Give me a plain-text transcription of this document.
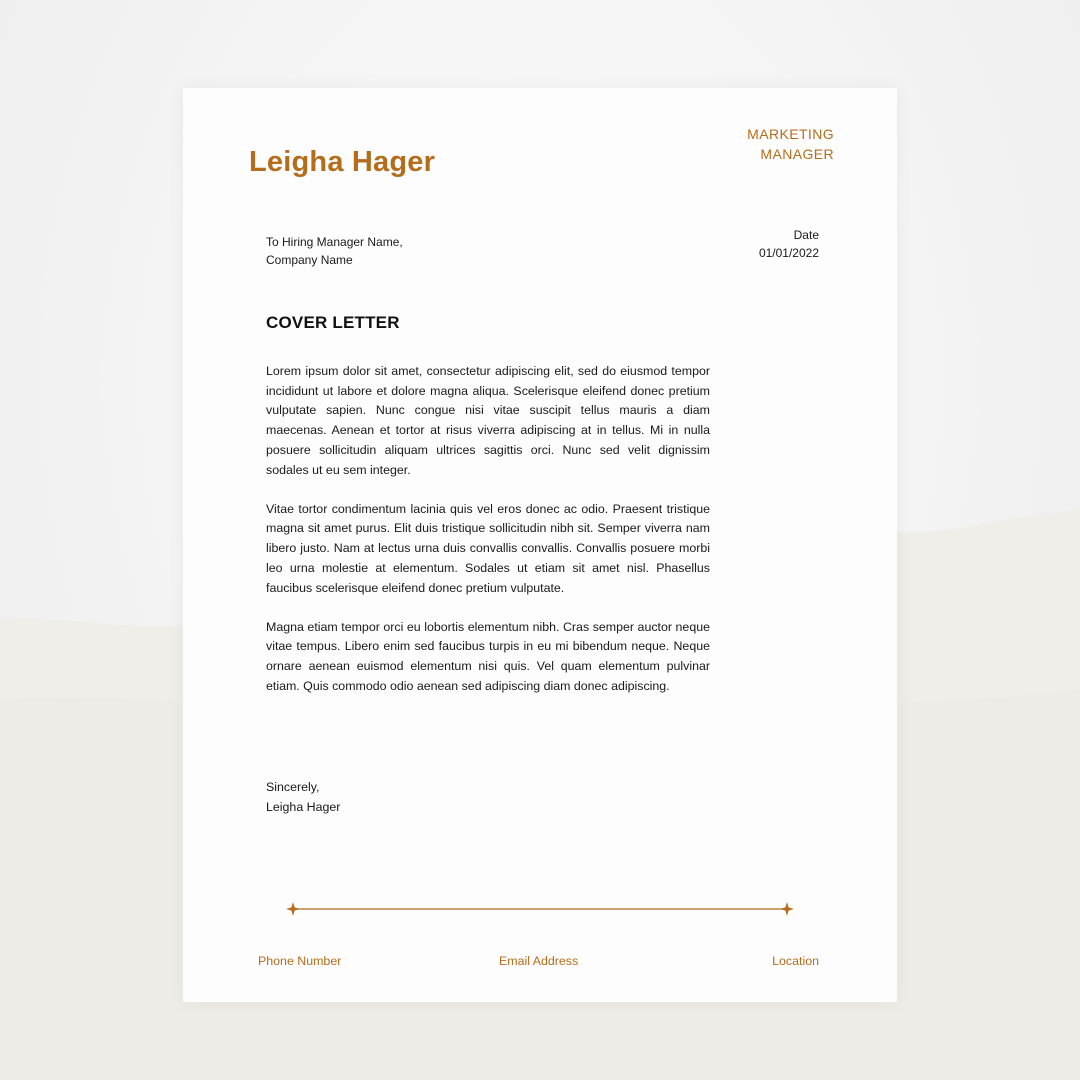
Leigha Hager
MARKETING
MANAGER
To Hiring Manager Name,
Company Name
Date
01/01/2022
COVER LETTER

Lorem ipsum dolor sit amet, consectetur adipiscing elit, sed do eiusmod tempor incididunt ut labore et dolore magna aliqua. Scelerisque eleifend donec pretium vulputate sapien. Nunc congue nisi vitae suscipit tellus mauris a diam maecenas. Aenean et tortor at risus viverra adipiscing at in tellus. Mi in nulla posuere sollicitudin aliquam ultrices sagittis orci. Nunc sed velit dignissim sodales ut eu sem integer.

Vitae tortor condimentum lacinia quis vel eros donec ac odio. Praesent tristique magna sit amet purus. Elit duis tristique sollicitudin nibh sit. Semper viverra nam libero justo. Nam at lectus urna duis convallis convallis. Convallis posuere morbi leo urna molestie at elementum. Sodales ut etiam sit amet nisl. Phasellus faucibus scelerisque eleifend donec pretium vulputate.

Magna etiam tempor orci eu lobortis elementum nibh. Cras semper auctor neque vitae tempus. Libero enim sed faucibus turpis in eu mi bibendum neque. Neque ornare aenean euismod elementum nisi quis. Vel quam elementum pulvinar etiam. Quis commodo odio aenean sed adipiscing diam donec adipiscing.

Sincerely,
Leigha Hager
Phone Number	Email Address	Location
